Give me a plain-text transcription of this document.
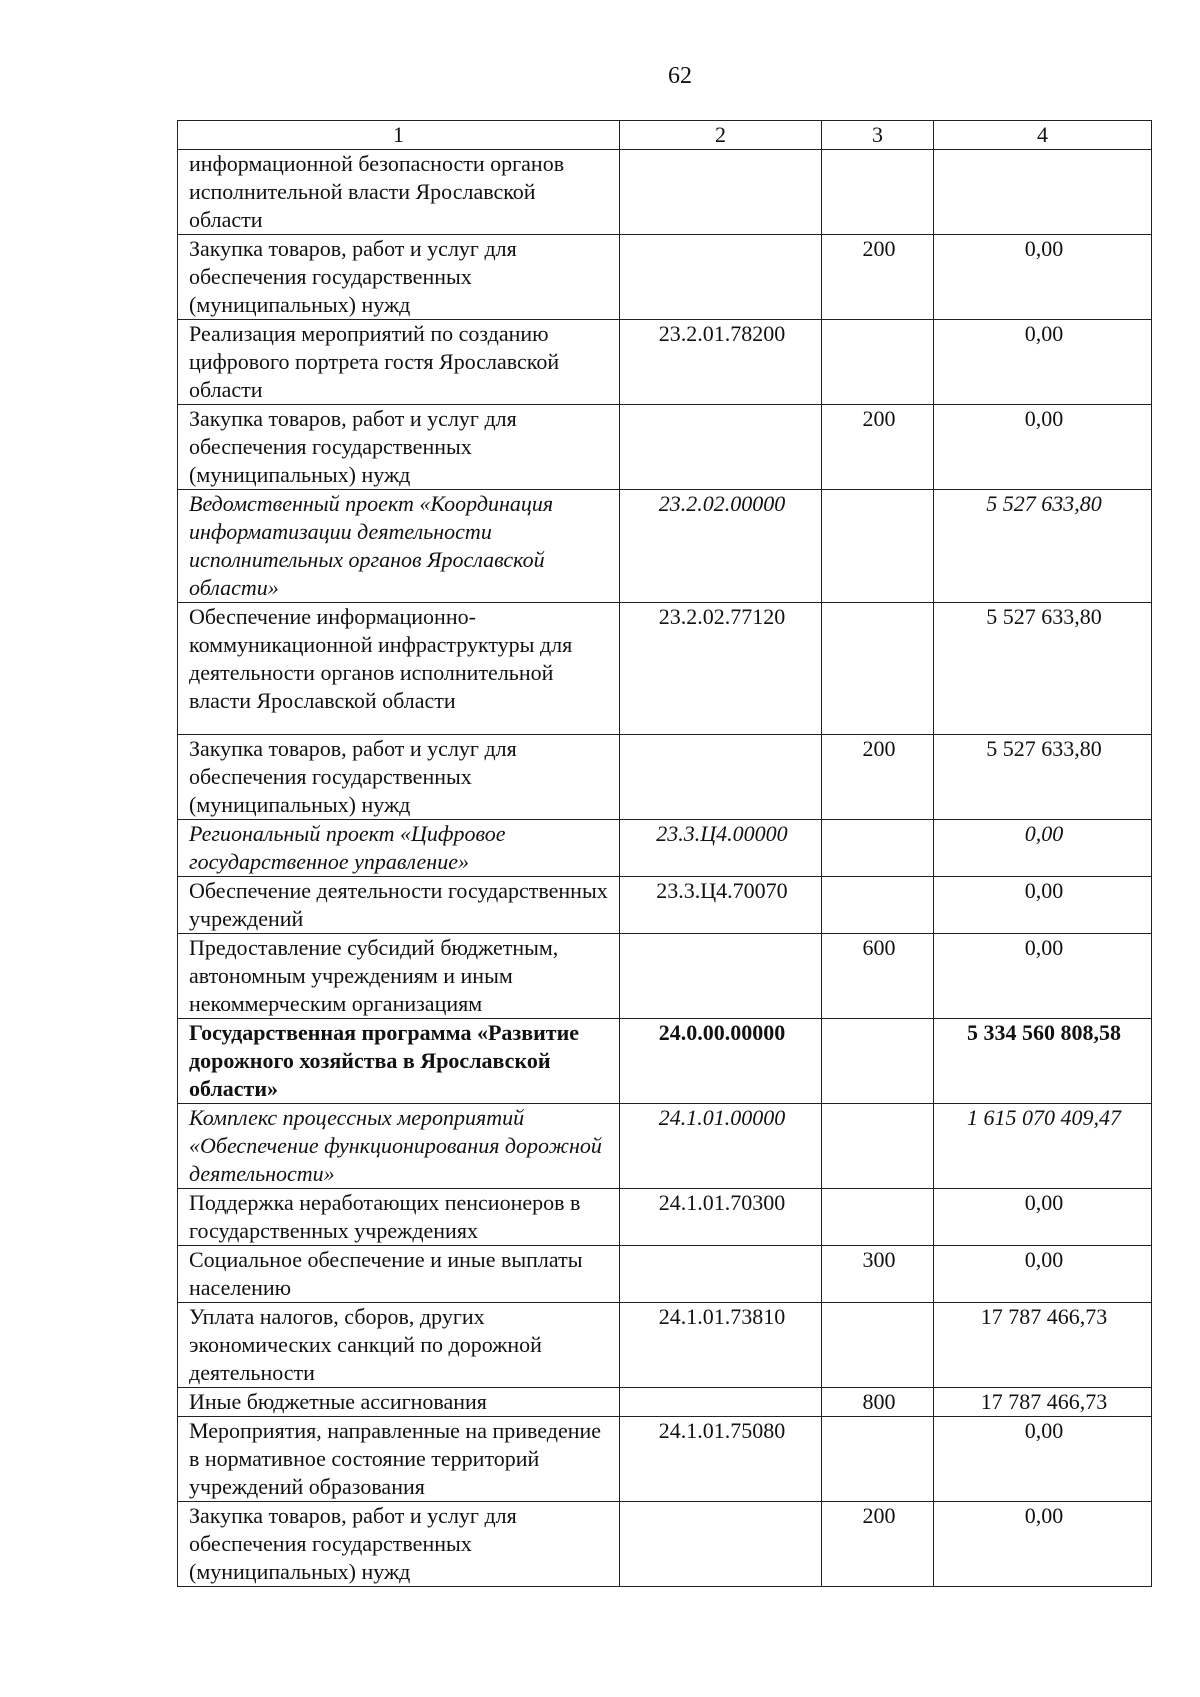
62
1	2	3	4
информационной безопасности органов исполнительной власти Ярославской области			
Закупка товаров, работ и услуг для обеспечения государственных (муниципальных) нужд		200	0,00
Реализация мероприятий по созданию цифрового портрета гостя Ярославской области	23.2.01.78200		0,00
Закупка товаров, работ и услуг для обеспечения государственных (муниципальных) нужд		200	0,00
Ведомственный проект «Координация информатизации деятельности исполнительных органов Ярославской области»	23.2.02.00000		5 527 633,80
Обеспечение информационно-коммуникационной инфраструктуры для деятельности органов исполнительной власти Ярославской области	23.2.02.77120		5 527 633,80
Закупка товаров, работ и услуг для обеспечения государственных (муниципальных) нужд		200	5 527 633,80
Региональный проект «Цифровое государственное управление»	23.3.Ц4.00000		0,00
Обеспечение деятельности государственных учреждений	23.3.Ц4.70070		0,00
Предоставление субсидий бюджетным, автономным учреждениям и иным некоммерческим организациям		600	0,00
Государственная программа «Развитие дорожного хозяйства в Ярославской области»	24.0.00.00000		5 334 560 808,58
Комплекс процессных мероприятий «Обеспечение функционирования дорожной деятельности»	24.1.01.00000		1 615 070 409,47
Поддержка неработающих пенсионеров в государственных учреждениях	24.1.01.70300		0,00
Социальное обеспечение и иные выплаты населению		300	0,00
Уплата налогов, сборов, других экономических санкций по дорожной деятельности	24.1.01.73810		17 787 466,73
Иные бюджетные ассигнования		800	17 787 466,73
Мероприятия, направленные на приведение в нормативное состояние территорий учреждений образования	24.1.01.75080		0,00
Закупка товаров, работ и услуг для обеспечения государственных (муниципальных) нужд		200	0,00
